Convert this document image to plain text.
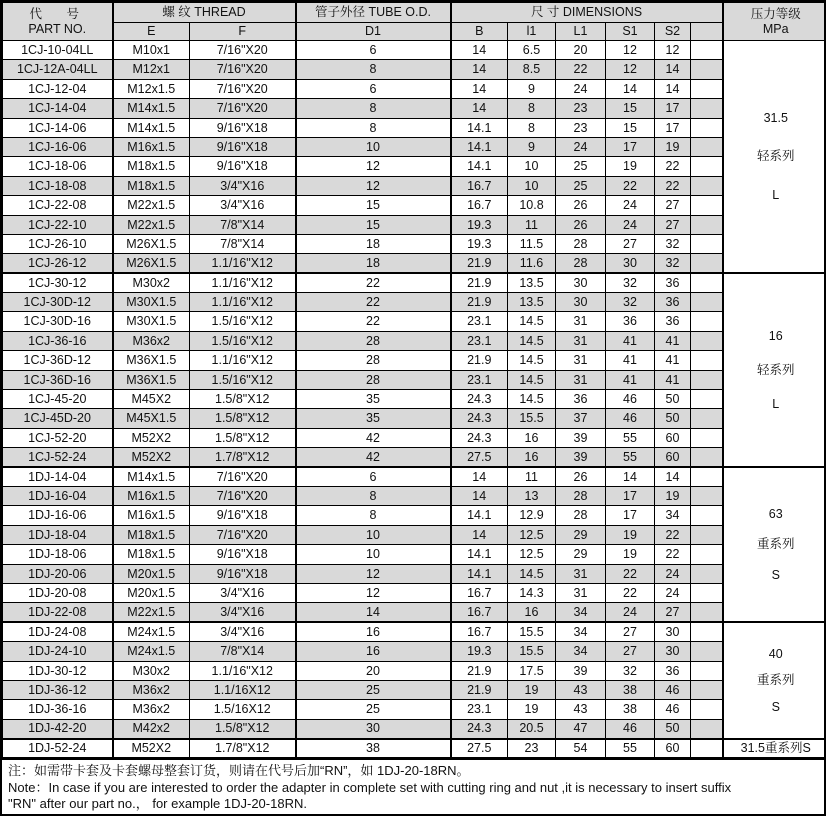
代　号
PART NO.
	螺 纹 THREAD	管子外径 TUBE O.D.	尺 寸 DIMENSIONS	压力等级
MPa

	E	F	D1	B	l1	L1	S1	S2		
1CJ-10-04LL	M10x1	7/16"X20	6	14	6.5	20	12	12		31.5
轻系列
L

1CJ-12A-04LL	M12x1	7/16"X20	8	14	8.5	22	12	14		
1CJ-12-04	M12x1.5	7/16"X20	6	14	9	24	14	14		
1CJ-14-04	M14x1.5	7/16"X20	8	14	8	23	15	17		
1CJ-14-06	M14x1.5	9/16"X18	8	14.1	8	23	15	17		
1CJ-16-06	M16x1.5	9/16"X18	10	14.1	9	24	17	19		
1CJ-18-06	M18x1.5	9/16"X18	12	14.1	10	25	19	22		
1CJ-18-08	M18x1.5	3/4"X16	12	16.7	10	25	22	22		
1CJ-22-08	M22x1.5	3/4"X16	15	16.7	10.8	26	24	27		
1CJ-22-10	M22x1.5	7/8"X14	15	19.3	11	26	24	27		
1CJ-26-10	M26X1.5	7/8"X14	18	19.3	11.5	28	27	32		
1CJ-26-12	M26X1.5	1.1/16"X12	18	21.9	11.6	28	30	32		
1CJ-30-12	M30x2	1.1/16"X12	22	21.9	13.5	30	32	36		16
轻系列
L

1CJ-30D-12	M30X1.5	1.1/16"X12	22	21.9	13.5	30	32	36		
1CJ-30D-16	M30X1.5	1.5/16"X12	22	23.1	14.5	31	36	36		
1CJ-36-16	M36x2	1.5/16"X12	28	23.1	14.5	31	41	41		
1CJ-36D-12	M36X1.5	1.1/16"X12	28	21.9	14.5	31	41	41		
1CJ-36D-16	M36X1.5	1.5/16"X12	28	23.1	14.5	31	41	41		
1CJ-45-20	M45X2	1.5/8"X12	35	24.3	14.5	36	46	50		
1CJ-45D-20	M45X1.5	1.5/8"X12	35	24.3	15.5	37	46	50		
1CJ-52-20	M52X2	1.5/8"X12	42	24.3	16	39	55	60		
1CJ-52-24	M52X2	1.7/8"X12	42	27.5	16	39	55	60		
1DJ-14-04	M14x1.5	7/16"X20	6	14	11	26	14	14		63
重系列
S

1DJ-16-04	M16x1.5	7/16"X20	8	14	13	28	17	19		
1DJ-16-06	M16x1.5	9/16"X18	8	14.1	12.9	28	17	34		
1DJ-18-04	M18x1.5	7/16"X20	10	14	12.5	29	19	22		
1DJ-18-06	M18x1.5	9/16"X18	10	14.1	12.5	29	19	22		
1DJ-20-06	M20x1.5	9/16"X18	12	14.1	14.5	31	22	24		
1DJ-20-08	M20x1.5	3/4"X16	12	16.7	14.3	31	22	24		
1DJ-22-08	M22x1.5	3/4"X16	14	16.7	16	34	24	27		
1DJ-24-08	M24x1.5	3/4"X16	16	16.7	15.5	34	27	30		40
重系列
S

1DJ-24-10	M24x1.5	7/8"X14	16	19.3	15.5	34	27	30		
1DJ-30-12	M30x2	1.1/16"X12	20	21.9	17.5	39	32	36		
1DJ-36-12	M36x2	1.1/16X12	25	21.9	19	43	38	46		
1DJ-36-16	M36x2	1.5/16X12	25	23.1	19	43	38	46		
1DJ-42-20	M42x2	1.5/8"X12	30	24.3	20.5	47	46	50		
1DJ-52-24	M52X2	1.7/8"X12	38	27.5	23	54	55	60		31.5重系列S
注：如需带卡套及卡套螺母整套订货，则请在代号后加“RN”，如 1DJ-20-18RN。
Note：In case if you are interested to order the adapter in complete set with cutting ring and nut ,it is necessary to insert suffix
"RN" after our part no.， for example 1DJ-20-18RN.
